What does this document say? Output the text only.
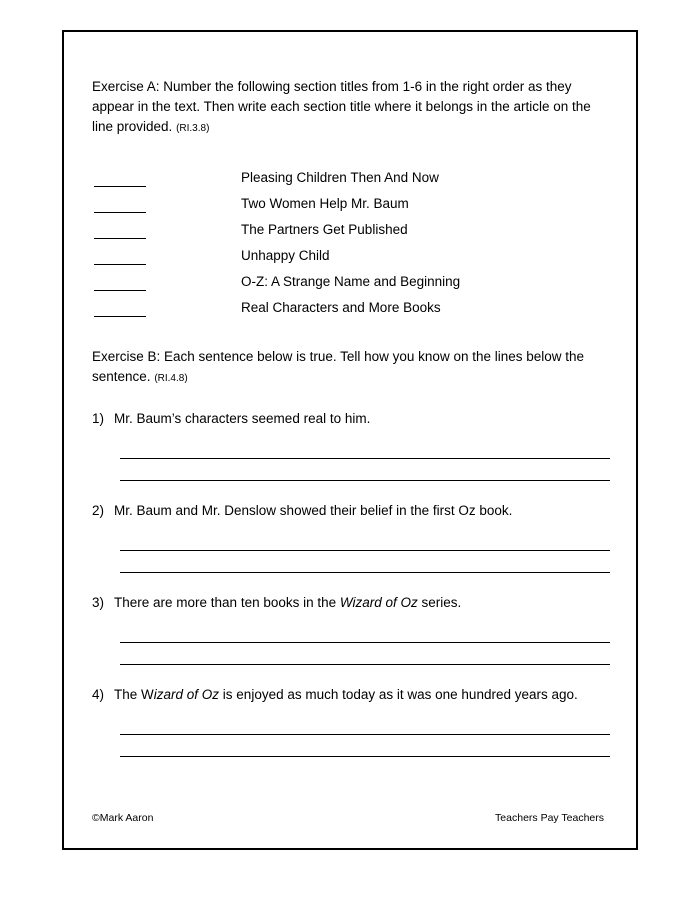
Exercise A: Number the following section titles from 1-6 in the right order as they appear in the text. Then write each section title where it belongs in the article on the line provided. (RI.3.8)

Pleasing Children Then And Now
Two Women Help Mr. Baum
The Partners Get Published
Unhappy Child
O-Z: A Strange Name and Beginning
Real Characters and More Books

Exercise B: Each sentence below is true. Tell how you know on the lines below the sentence. (RI.4.8)

1) Mr. Baum’s characters seemed real to him.
2) Mr. Baum and Mr. Denslow showed their belief in the first Oz book.
3) There are more than ten books in the Wizard of Oz series.
4) The Wizard of Oz is enjoyed as much today as it was one hundred years ago.
©Mark Aaron	Teachers Pay Teachers
